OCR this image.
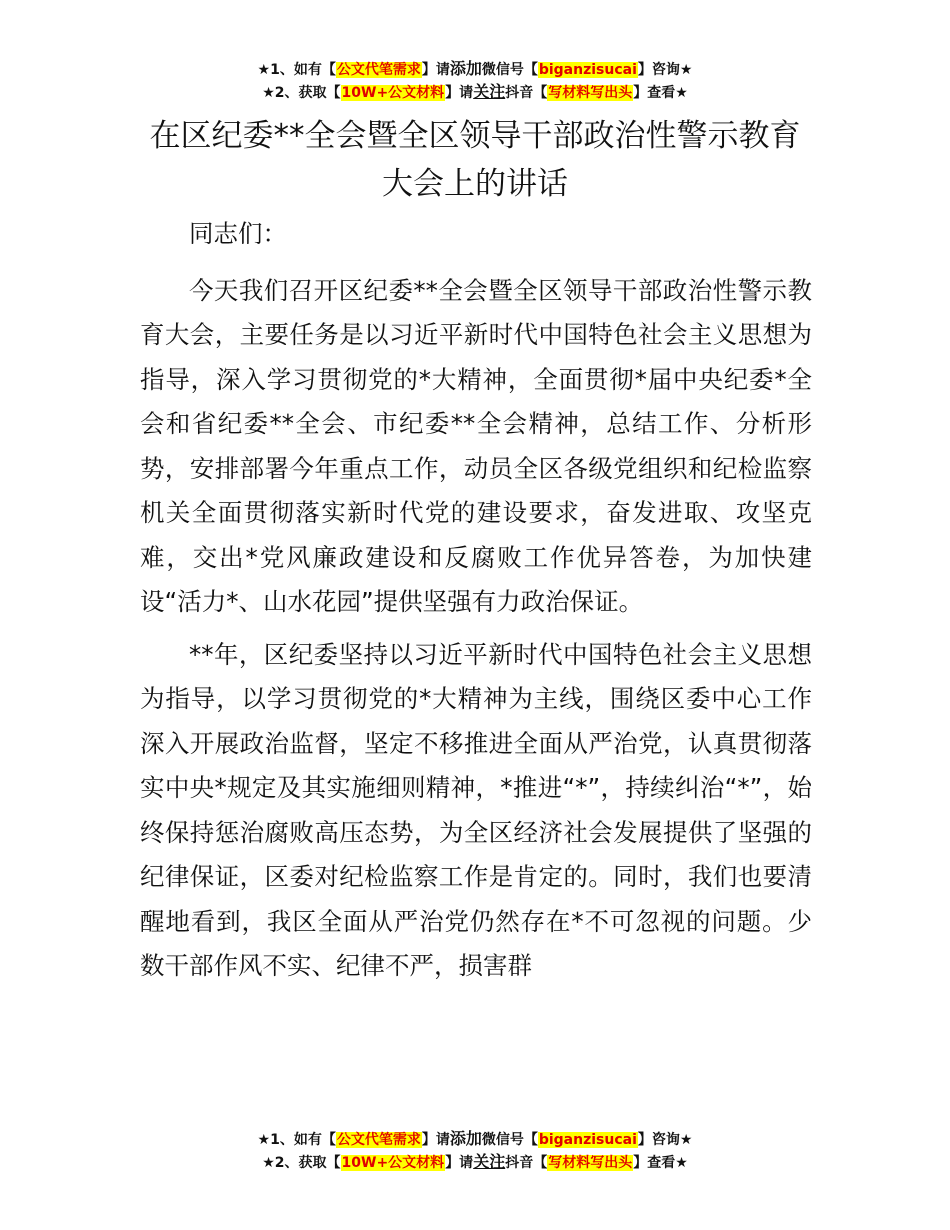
★1、如有【公文代笔需求】请添加微信号【biganzisucai】咨询★
★2、获取【10W+公文材料】请关注抖音【写材料写出头】查看★
在区纪委**全会暨全区领导干部政治性警示教育大会上的讲话

同志们：

今天我们召开区纪委**全会暨全区领导干部政治性警示教育大会，主要任务是以习近平新时代中国特色社会主义思想为指导，深入学习贯彻党的*大精神，全面贯彻*届中央纪委*全会和省纪委**全会、市纪委**全会精神，总结工作、分析形势，安排部署今年重点工作，动员全区各级党组织和纪检监察机关全面贯彻落实新时代党的建设要求，奋发进取、攻坚克难，交出*党风廉政建设和反腐败工作优异答卷，为加快建设“活力*、山水花园”提供坚强有力政治保证。

**年，区纪委坚持以习近平新时代中国特色社会主义思想为指导，以学习贯彻党的*大精神为主线，围绕区委中心工作深入开展政治监督，坚定不移推进全面从严治党，认真贯彻落实中央*规定及其实施细则精神，*推进“*”，持续纠治“*”，始终保持惩治腐败高压态势，为全区经济社会发展提供了坚强的纪律保证，区委对纪检监察工作是肯定的。同时，我们也要清醒地看到，我区全面从严治党仍然存在*不可忽视的问题。少数干部作风不实、纪律不严，损害群

★1、如有【公文代笔需求】请添加微信号【biganzisucai】咨询★
★2、获取【10W+公文材料】请关注抖音【写材料写出头】查看★
